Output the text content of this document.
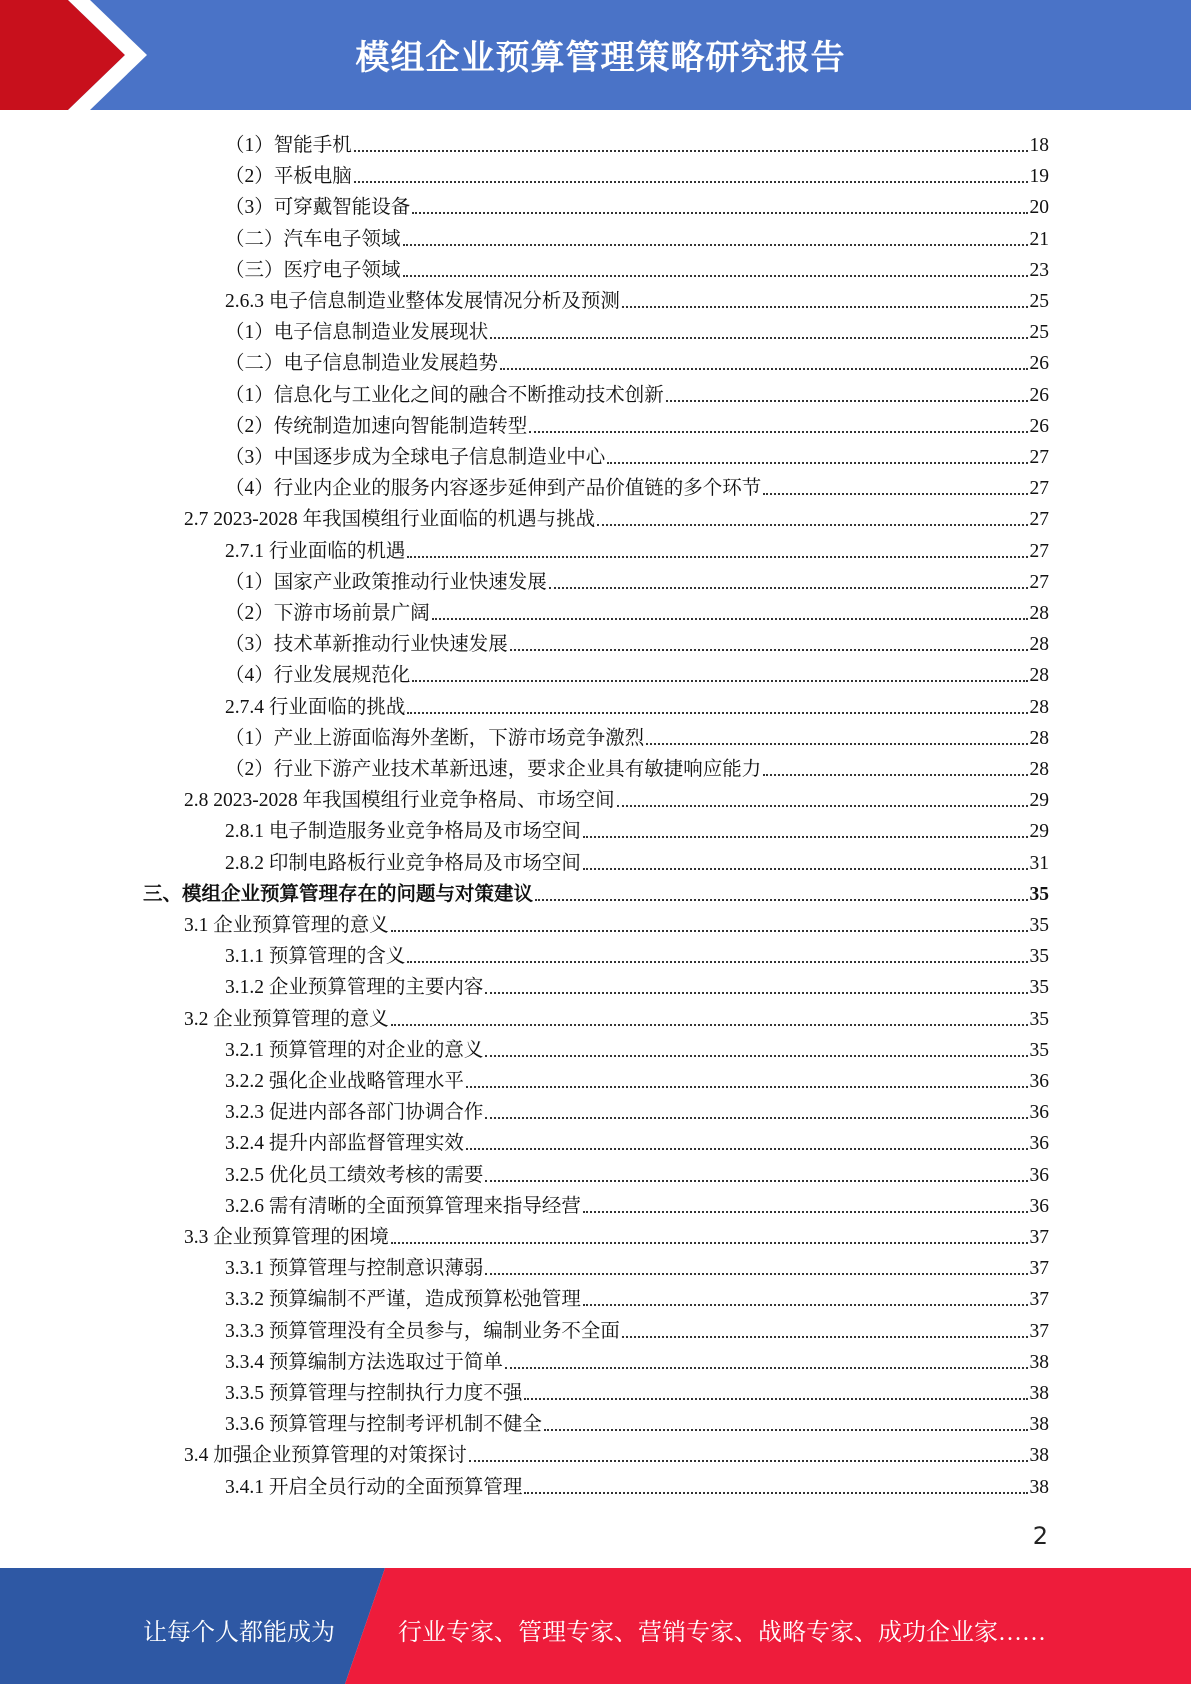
模组企业预算管理策略研究报告
（1）智能手机	18
（2）平板电脑	19
（3）可穿戴智能设备	20
（二）汽车电子领域	21
（三）医疗电子领域	23
2.6.3 电子信息制造业整体发展情况分析及预测	25
（1）电子信息制造业发展现状	25
（二）电子信息制造业发展趋势	26
（1）信息化与工业化之间的融合不断推动技术创新	26
（2）传统制造加速向智能制造转型	26
（3）中国逐步成为全球电子信息制造业中心	27
（4）行业内企业的服务内容逐步延伸到产品价值链的多个环节	27
2.7 2023-2028 年我国模组行业面临的机遇与挑战	27
2.7.1 行业面临的机遇	27
（1）国家产业政策推动行业快速发展	27
（2）下游市场前景广阔	28
（3）技术革新推动行业快速发展	28
（4）行业发展规范化	28
2.7.4 行业面临的挑战	28
（1）产业上游面临海外垄断，下游市场竞争激烈	28
（2）行业下游产业技术革新迅速，要求企业具有敏捷响应能力	28
2.8 2023-2028 年我国模组行业竞争格局、市场空间	29
2.8.1 电子制造服务业竞争格局及市场空间	29
2.8.2 印制电路板行业竞争格局及市场空间	31
三、模组企业预算管理存在的问题与对策建议	35
3.1 企业预算管理的意义	35
3.1.1 预算管理的含义	35
3.1.2 企业预算管理的主要内容	35
3.2 企业预算管理的意义	35
3.2.1 预算管理的对企业的意义	35
3.2.2 强化企业战略管理水平	36
3.2.3 促进内部各部门协调合作	36
3.2.4 提升内部监督管理实效	36
3.2.5 优化员工绩效考核的需要	36
3.2.6 需有清晰的全面预算管理来指导经营	36
3.3 企业预算管理的困境	37
3.3.1 预算管理与控制意识薄弱	37
3.3.2 预算编制不严谨，造成预算松弛管理	37
3.3.3 预算管理没有全员参与，编制业务不全面	37
3.3.4 预算编制方法选取过于简单	38
3.3.5 预算管理与控制执行力度不强	38
3.3.6 预算管理与控制考评机制不健全	38
3.4 加强企业预算管理的对策探讨	38
3.4.1 开启全员行动的全面预算管理	38
2
让每个人都能成为	行业专家、管理专家、营销专家、战略专家、成功企业家……
